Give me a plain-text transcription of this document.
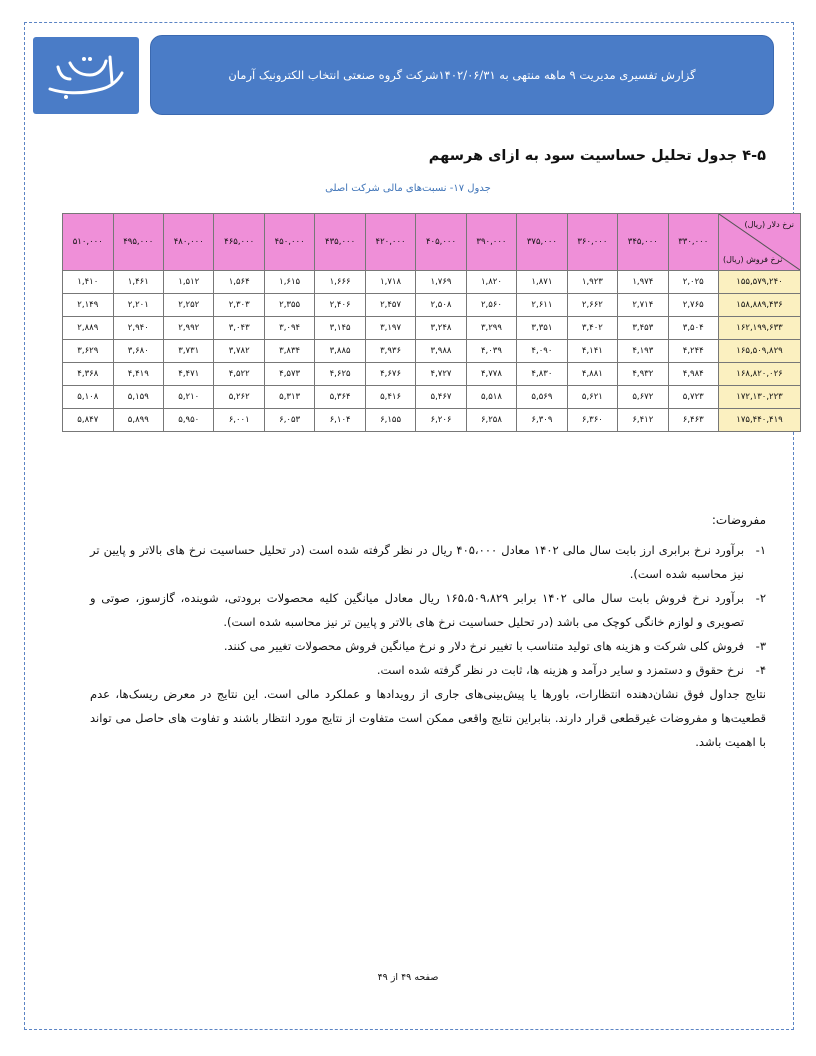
گزارش تفسیری مدیریت ۹ ماهه منتهی به ۱۴۰۲/۰۶/۳۱شرکت گروه صنعتی انتخاب الکترونیک آرمان
۴-۵ جدول تحلیل حساسیت سود به ازای هرسهم
جدول ۱۷- نسبت‌های مالی شرکت اصلی
نرخ دلار (ریال)
نرخ فروش (ریال)	۳۳۰,۰۰۰	۳۴۵,۰۰۰	۳۶۰,۰۰۰	۳۷۵,۰۰۰	۳۹۰,۰۰۰	۴۰۵,۰۰۰	۴۲۰,۰۰۰	۴۳۵,۰۰۰	۴۵۰,۰۰۰	۴۶۵,۰۰۰	۴۸۰,۰۰۰	۴۹۵,۰۰۰	۵۱۰,۰۰۰
۱۵۵,۵۷۹,۲۴۰	۲,۰۲۵	۱,۹۷۴	۱,۹۲۳	۱,۸۷۱	۱,۸۲۰	۱,۷۶۹	۱,۷۱۸	۱,۶۶۶	۱,۶۱۵	۱,۵۶۴	۱,۵۱۲	۱,۴۶۱	۱,۴۱۰
۱۵۸,۸۸۹,۴۳۶	۲,۷۶۵	۲,۷۱۴	۲,۶۶۲	۲,۶۱۱	۲,۵۶۰	۲,۵۰۸	۲,۴۵۷	۲,۴۰۶	۲,۳۵۵	۲,۳۰۳	۲,۲۵۲	۲,۲۰۱	۲,۱۴۹
۱۶۲,۱۹۹,۶۳۳	۳,۵۰۴	۳,۴۵۳	۳,۴۰۲	۳,۳۵۱	۳,۲۹۹	۳,۲۴۸	۳,۱۹۷	۳,۱۴۵	۳,۰۹۴	۳,۰۴۳	۲,۹۹۲	۲,۹۴۰	۲,۸۸۹
۱۶۵,۵۰۹,۸۲۹	۴,۲۴۴	۴,۱۹۳	۴,۱۴۱	۴,۰۹۰	۴,۰۳۹	۳,۹۸۸	۳,۹۳۶	۳,۸۸۵	۳,۸۳۴	۳,۷۸۲	۳,۷۳۱	۳,۶۸۰	۳,۶۲۹
۱۶۸,۸۲۰,۰۲۶	۴,۹۸۴	۴,۹۳۲	۴,۸۸۱	۴,۸۳۰	۴,۷۷۸	۴,۷۲۷	۴,۶۷۶	۴,۶۲۵	۴,۵۷۳	۴,۵۲۲	۴,۴۷۱	۴,۴۱۹	۴,۳۶۸
۱۷۲,۱۳۰,۲۲۳	۵,۷۲۳	۵,۶۷۲	۵,۶۲۱	۵,۵۶۹	۵,۵۱۸	۵,۴۶۷	۵,۴۱۶	۵,۳۶۴	۵,۳۱۳	۵,۲۶۲	۵,۲۱۰	۵,۱۵۹	۵,۱۰۸
۱۷۵,۴۴۰,۴۱۹	۶,۴۶۳	۶,۴۱۲	۶,۳۶۰	۶,۳۰۹	۶,۲۵۸	۶,۲۰۶	۶,۱۵۵	۶,۱۰۴	۶,۰۵۳	۶,۰۰۱	۵,۹۵۰	۵,۸۹۹	۵,۸۴۷
مفروضات:
۱-
برآورد نرخ برابری ارز بابت سال مالی ۱۴۰۲ معادل ۴۰۵،۰۰۰ ریال در نظر گرفته شده است (در تحلیل حساسیت نرخ های بالاتر و پایین تر نیز محاسبه شده است).
۲-
برآورد نرخ فروش بابت سال مالی ۱۴۰۲ برابر ۱۶۵،۵۰۹،۸۲۹ ریال معادل میانگین کلیه محصولات برودتی، شوینده، گازسوز، صوتی و تصویری و لوازم خانگی کوچک می باشد (در تحلیل حساسیت نرخ های بالاتر و پایین تر نیز محاسبه شده است).
۳-
فروش کلی شرکت و هزینه های تولید متناسب با تغییر نرخ دلار و نرخ میانگین فروش محصولات تغییر می کنند.
۴-
نرخ حقوق و دستمزد و سایر درآمد و هزینه ها، ثابت در نظر گرفته شده است.
نتایج جداول فوق نشان‌دهنده انتظارات، باورها یا پیش‌بینی‌های جاری از رویدادها و عملکرد مالی است. این نتایج در معرض ریسک‌ها، عدم قطعیت‌ها و مفروضات غیرقطعی قرار دارند. بنابراین نتایج واقعی ممکن است متفاوت از نتایج مورد انتظار باشند و تفاوت های حاصل می تواند با اهمیت باشد.
صفحه ۴۹ از ۴۹
